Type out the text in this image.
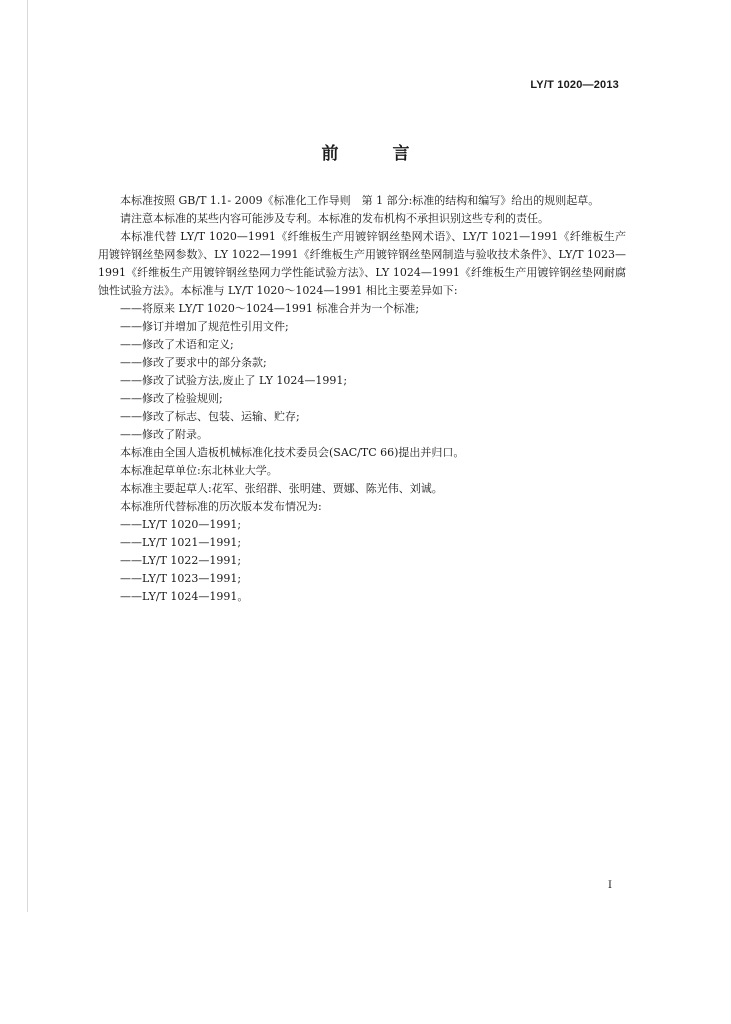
LY/T 1020—2013
前 言

本标准按照 GB/T 1.1- 2009《标准化工作导则　第 1 部分:标准的结构和编写》给出的规则起草。

请注意本标准的某些内容可能涉及专利。本标准的发布机构不承担识别这些专利的责任。

本标准代替 LY/T 1020—1991《纤维板生产用镀锌钢丝垫网术语》、LY/T 1021—1991《纤维板生产用镀锌钢丝垫网参数》、LY 1022—1991《纤维板生产用镀锌钢丝垫网制造与验收技术条件》、LY/T 1023—1991《纤维板生产用镀锌钢丝垫网力学性能试验方法》、LY 1024—1991《纤维板生产用镀锌钢丝垫网耐腐蚀性试验方法》。本标准与 LY/T 1020～1024—1991 相比主要差异如下:

——将原来 LY/T 1020～1024—1991 标准合并为一个标准;

——修订并增加了规范性引用文件;

——修改了术语和定义;

——修改了要求中的部分条款;

——修改了试验方法,废止了 LY 1024—1991;

——修改了检验规则;

——修改了标志、包装、运输、贮存;

——修改了附录。

本标准由全国人造板机械标准化技术委员会(SAC/TC 66)提出并归口。

本标准起草单位:东北林业大学。

本标准主要起草人:花军、张绍群、张明建、贾娜、陈光伟、刘诚。

本标准所代替标准的历次版本发布情况为:

——LY/T 1020—1991;

——LY/T 1021—1991;

——LY/T 1022—1991;

——LY/T 1023—1991;

——LY/T 1024—1991。

I
